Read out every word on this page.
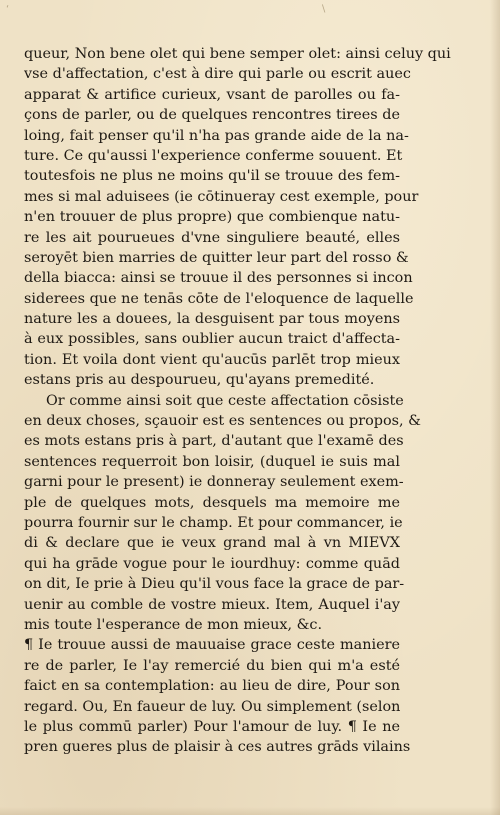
‘	∖
queur, Non bene olet qui bene semper olet: ainsi celuy qui
vse d'affectation, c'est à dire qui parle ou escrit auec
apparat & artifice curieux, vsant de parolles ou fa-
çons de parler, ou de quelques rencontres tirees de
loing, fait penser qu'il n'ha pas grande aide de la na-
ture. Ce qu'aussi l'experience conferme souuent. Et
toutesfois ne plus ne moins qu'il se trouue des fem-
mes si mal aduisees (ie cōtinueray cest exemple, pour
n'en trouuer de plus propre) que combienque natu-
re les ait pourueues d'vne singuliere beauté, elles
seroyēt bien marries de quitter leur part del rosso &
della biacca: ainsi se trouue il des personnes si incon
siderees que ne tenās cōte de l'eloquence de laquelle
nature les a douees, la desguisent par tous moyens
à eux possibles, sans oublier aucun traict d'affecta-
tion. Et voila dont vient qu'aucūs parlēt trop mieux
estans pris au despourueu, qu'ayans premedité.
Or comme ainsi soit que ceste affectation cōsiste
en deux choses, sçauoir est es sentences ou propos, &
es mots estans pris à part, d'autant que l'examē des
sentences requerroit bon loisir, (duquel ie suis mal
garni pour le present) ie donneray seulement exem-
ple de quelques mots, desquels ma memoire me
pourra fournir sur le champ. Et pour commancer, ie
di & declare que ie veux grand mal à vn MIEVX
qui ha grāde vogue pour le iourdhuy: comme quād
on dit, Ie prie à Dieu qu'il vous face la grace de par-
uenir au comble de vostre mieux. Item, Auquel i'ay
mis toute l'esperance de mon mieux, &c.
¶ Ie trouue aussi de mauuaise grace ceste maniere
re de parler, Ie l'ay remercié du bien qui m'a esté
faict en sa contemplation: au lieu de dire, Pour son
regard. Ou, En faueur de luy. Ou simplement (selon
le plus commū parler) Pour l'amour de luy. ¶ Ie ne
pren gueres plus de plaisir à ces autres grāds vilains
